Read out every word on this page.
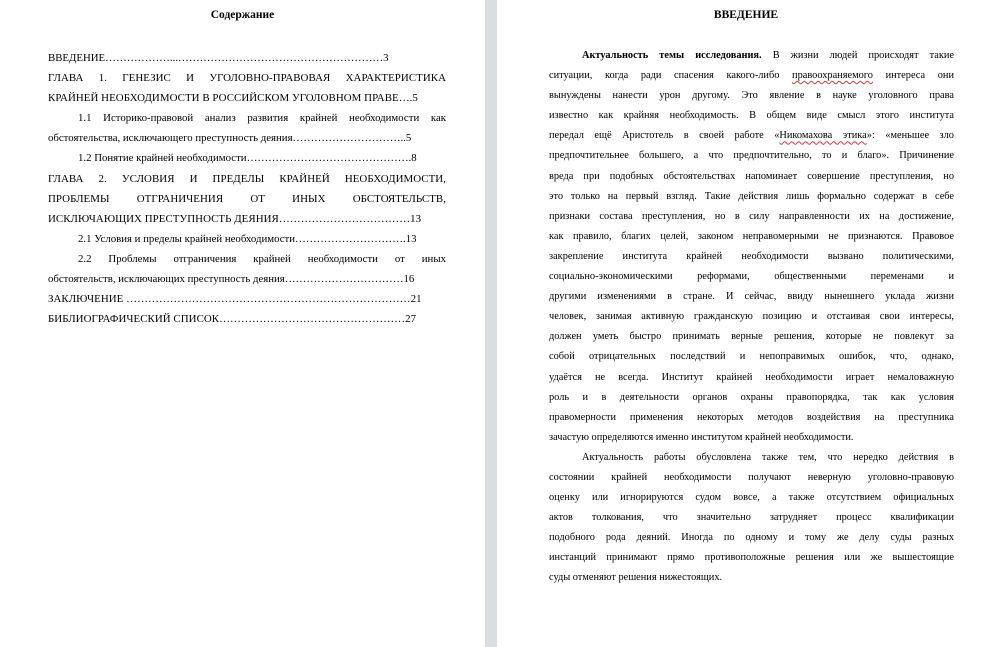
Содержание
ВВЕДЕНИЕ………………...…………………………………………………3
ГЛАВА 1. ГЕНЕЗИС И УГОЛОВНО-ПРАВОВАЯ ХАРАКТЕРИСТИКА
КРАЙНЕЙ НЕОБХОДИМОСТИ В РОССИЙСКОМ УГОЛОВНОМ ПРАВЕ….5
1.1 Историко-правовой анализ развития крайней необходимости как
обстоятельства, исключающего преступность деяния…………………………..5
1.2 Понятие крайней необходимости……………………………………….8
ГЛАВА 2. УСЛОВИЯ И ПРЕДЕЛЫ КРАЙНЕЙ НЕОБХОДИМОСТИ,
ПРОБЛЕМЫ ОТГРАНИЧЕНИЯ ОТ ИНЫХ ОБСТОЯТЕЛЬСТВ,
ИСКЛЮЧАЮЩИХ ПРЕСТУПНОСТЬ ДЕЯНИЯ………………………………13
2.1 Условия и пределы крайней необходимости………………………….13
2.2 Проблемы отграничения крайней необходимости от иных
обстоятельств, исключающих преступность деяния……………………………16
ЗАКЛЮЧЕНИЕ ……………………………………………………………………21
БИБЛИОГРАФИЧЕСКИЙ СПИСОК……………………………………………27
ВВЕДЕНИЕ
Актуальность темы исследования. В жизни людей происходят такие
ситуации, когда ради спасения какого-либо правоохраняемого интереса они
вынуждены нанести урон другому. Это явление в науке уголовного права
известно как крайняя необходимость. В общем виде смысл этого института
передал ещё Аристотель в своей работе «Никомахова этика»: «меньшее зло
предпочтительнее большего, а что предпочтительно, то и благо». Причинение
вреда при подобных обстоятельствах напоминает совершение преступления, но
это только на первый взгляд. Такие действия лишь формально содержат в себе
признаки состава преступления, но в силу направленности их на достижение,
как правило, благих целей, законом неправомерными не признаются. Правовое
закрепление института крайней необходимости вызвано политическими,
социально-экономическими реформами, общественными переменами и
другими изменениями в стране. И сейчас, ввиду нынешнего уклада жизни
человек, занимая активную гражданскую позицию и отстаивая свои интересы,
должен уметь быстро принимать верные решения, которые не повлекут за
собой отрицательных последствий и непоправимых ошибок, что, однако,
удаётся не всегда. Институт крайней необходимости играет немаловажную
роль и в деятельности органов охраны правопорядка, так как условия
правомерности применения некоторых методов воздействия на преступника
зачастую определяются именно институтом крайней необходимости.
Актуальность работы обусловлена также тем, что нередко действия в
состоянии крайней необходимости получают неверную уголовно-правовую
оценку или игнорируются судом вовсе, а также отсутствием официальных
актов толкования, что значительно затрудняет процесс квалификации
подобного рода деяний. Иногда по одному и тому же делу суды разных
инстанций принимают прямо противоположные решения или же вышестоящие
суды отменяют решения нижестоящих.
